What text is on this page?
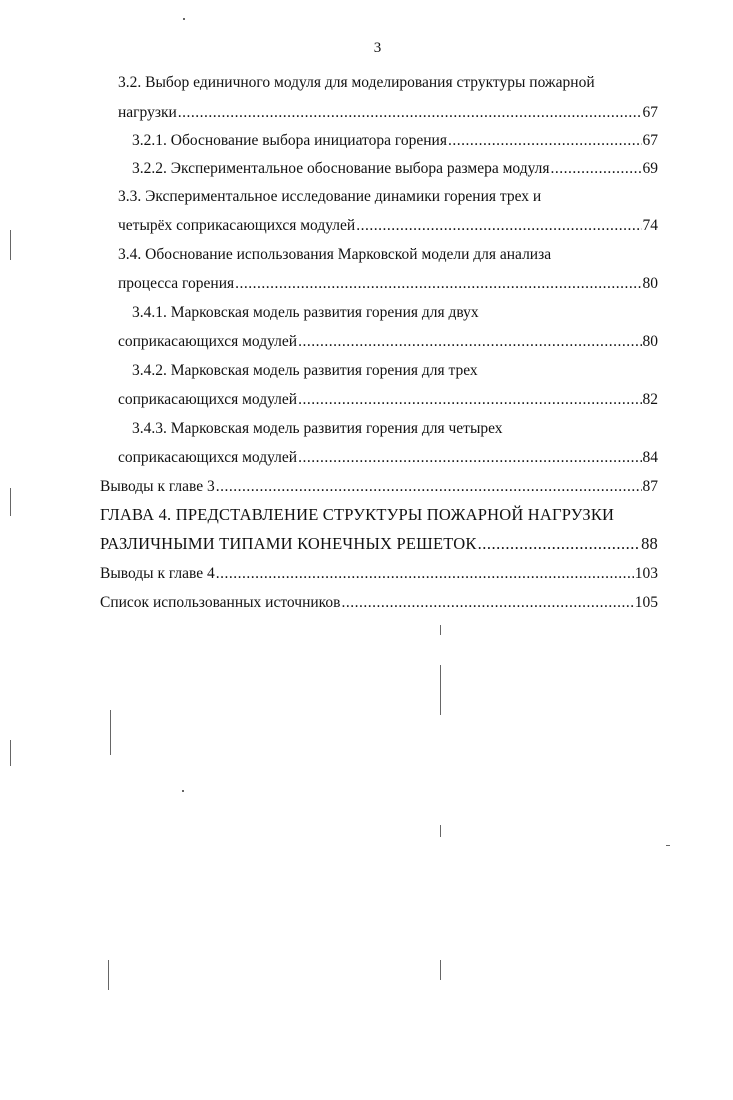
3
3.2. Выбор единичного модуля для моделирования структуры пожарной
нагрузки .....	67
3.2.1. Обоснование выбора инициатора горения .....	67
3.2.2. Экспериментальное обоснование выбора размера модуля .....	69
3.3. Экспериментальное исследование динамики горения трех и
четырёх соприкасающихся модулей .....	74
3.4. Обоснование использования Марковской модели для анализа
процесса горения .....	80
3.4.1. Марковская модель развития горения для двух
соприкасающихся модулей .....	80
3.4.2. Марковская модель развития горения для трех
соприкасающихся модулей .....	82
3.4.3. Марковская модель развития горения для четырех
соприкасающихся модулей .....	84
Выводы к главе 3 .....	87
ГЛАВА 4. ПРЕДСТАВЛЕНИЕ СТРУКТУРЫ ПОЖАРНОЙ НАГРУЗКИ
РАЗЛИЧНЫМИ ТИПАМИ КОНЕЧНЫХ РЕШЕТОК .....	88
Выводы к главе 4 .....	103
Список использованных источников .....	105
